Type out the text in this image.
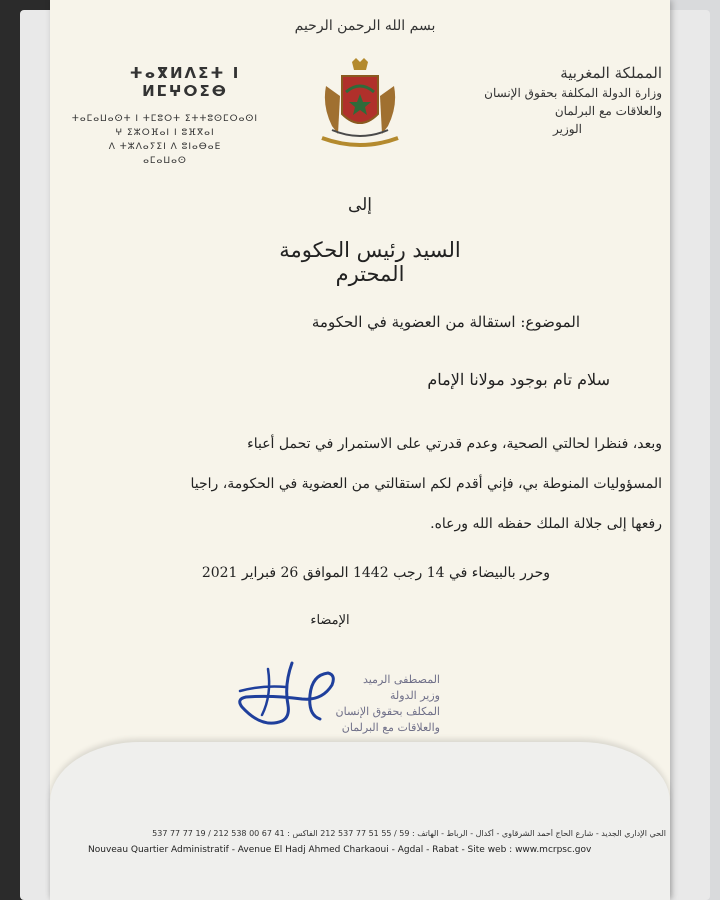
بسم الله الرحمن الرحيم
المملكة المغربية
وزارة الدولة المكلفة بحقوق الإنسان
والعلاقات مع البرلمان
الوزير
ⵜⴰⴳⵍⴷⵉⵜ ⵏ ⵍⵎⵖⵔⵉⴱ
ⵜⴰⵎⴰⵡⴰⵙⵜ ⵏ ⵜⵎⵓⵔⵜ ⵉⵜⵜⵓⵙⵎⵔⴰⵙⵏ ⵖ ⵉⵣⵔⴼⴰⵏ ⵏ ⵓⴼⴳⴰⵏ
ⴷ ⵜⵣⴷⴰⵢⵉⵏ ⴷ ⵓⵏⴰⴱⴰⴹ
ⴰⵎⴰⵡⴰⵙ
إلى
السيد رئيس الحكومة المحترم
الموضوع: استقالة من العضوية في الحكومة
سلام تام بوجود مولانا الإمام
وبعد، فنظرا لحالتي الصحية، وعدم قدرتي على الاستمرار في تحمل أعباء
المسؤوليات المنوطة بي، فإني أقدم لكم استقالتي من العضوية في الحكومة، راجيا
رفعها إلى جلالة الملك حفظه الله ورعاه.
وحرر بالبيضاء في 14 رجب 1442 الموافق 26 فبراير 2021
الإمضاء
المصطفى الرميد
وزير الدولة
المكلف بحقوق الإنسان
والعلاقات مع البرلمان
الحي الإداري الجديد - شارع الحاج أحمد الشرقاوي - أكدال - الرباط - الهاتف : 59 / 55 51 77 537 212 الفاكس : 41 67 00 538 212 / 19 77 77 537
Nouveau Quartier Administratif - Avenue El Hadj Ahmed Charkaoui - Agdal - Rabat - Site web : www.mcrpsc.gov
